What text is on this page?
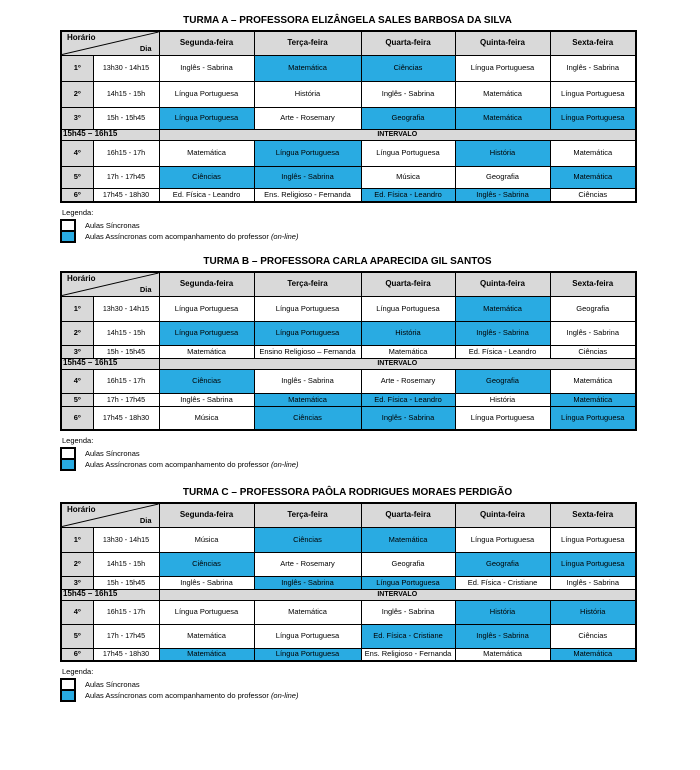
TURMA A – PROFESSORA ELIZÂNGELA SALES BARBOSA DA SILVA
Horário
Dia		Segunda-feira	Terça-feira	Quarta-feira	Quinta-feira	Sexta-feira
1º	13h30 - 14h15	Inglês - Sabrina	Matemática	Ciências	Língua Portuguesa	Inglês - Sabrina
2º	14h15 - 15h	Língua Portuguesa	História	Inglês - Sabrina	Matemática	Língua Portuguesa
3º	15h - 15h45	Língua Portuguesa	Arte - Rosemary	Geografia	Matemática	Língua Portuguesa
15h45 – 16h15		INTERVALO				
4º	16h15 - 17h	Matemática	Língua Portuguesa	Língua Portuguesa	História	Matemática
5º	17h - 17h45	Ciências	Inglês - Sabrina	Música	Geografia	Matemática
6º	17h45 - 18h30	Ed. Física - Leandro	Ens. Religioso - Fernanda	Ed. Física - Leandro	Inglês - Sabrina	Ciências
Legenda:
Aulas Síncronas
Aulas Assíncronas com acompanhamento do professor (on-line)
TURMA B – PROFESSORA CARLA APARECIDA GIL SANTOS
Horário
Dia		Segunda-feira	Terça-feira	Quarta-feira	Quinta-feira	Sexta-feira
1º	13h30 - 14h15	Língua Portuguesa	Língua Portuguesa	Língua Portuguesa	Matemática	Geografia
2º	14h15 - 15h	Língua Portuguesa	Língua Portuguesa	História	Inglês - Sabrina	Inglês - Sabrina
3º	15h - 15h45	Matemática	Ensino Religioso – Fernanda	Matemática	Ed. Física - Leandro	Ciências
15h45 – 16h15		INTERVALO				
4º	16h15 - 17h	Ciências	Inglês - Sabrina	Arte - Rosemary	Geografia	Matemática
5º	17h - 17h45	Inglês - Sabrina	Matemática	Ed. Física - Leandro	História	Matemática
6º	17h45 - 18h30	Música	Ciências	Inglês - Sabrina	Língua Portuguesa	Língua Portuguesa
Legenda:
Aulas Síncronas
Aulas Assíncronas com acompanhamento do professor (on-line)
TURMA C – PROFESSORA PAÔLA RODRIGUES MORAES PERDIGÃO
Horário
Dia		Segunda-feira	Terça-feira	Quarta-feira	Quinta-feira	Sexta-feira
1º	13h30 - 14h15	Música	Ciências	Matemática	Língua Portuguesa	Língua Portuguesa
2º	14h15 - 15h	Ciências	Arte - Rosemary	Geografia	Geografia	Língua Portuguesa
3º	15h - 15h45	Inglês - Sabrina	Inglês - Sabrina	Língua Portuguesa	Ed. Física - Cristiane	Inglês - Sabrina
15h45 – 16h15		INTERVALO				
4º	16h15 - 17h	Língua Portuguesa	Matemática	Inglês - Sabrina	História	História
5º	17h - 17h45	Matemática	Língua Portuguesa	Ed. Física - Cristiane	Inglês - Sabrina	Ciências
6º	17h45 - 18h30	Matemática	Língua Portuguesa	Ens. Religioso - Fernanda	Matemática	Matemática
Legenda:
Aulas Síncronas
Aulas Assíncronas com acompanhamento do professor (on-line)
